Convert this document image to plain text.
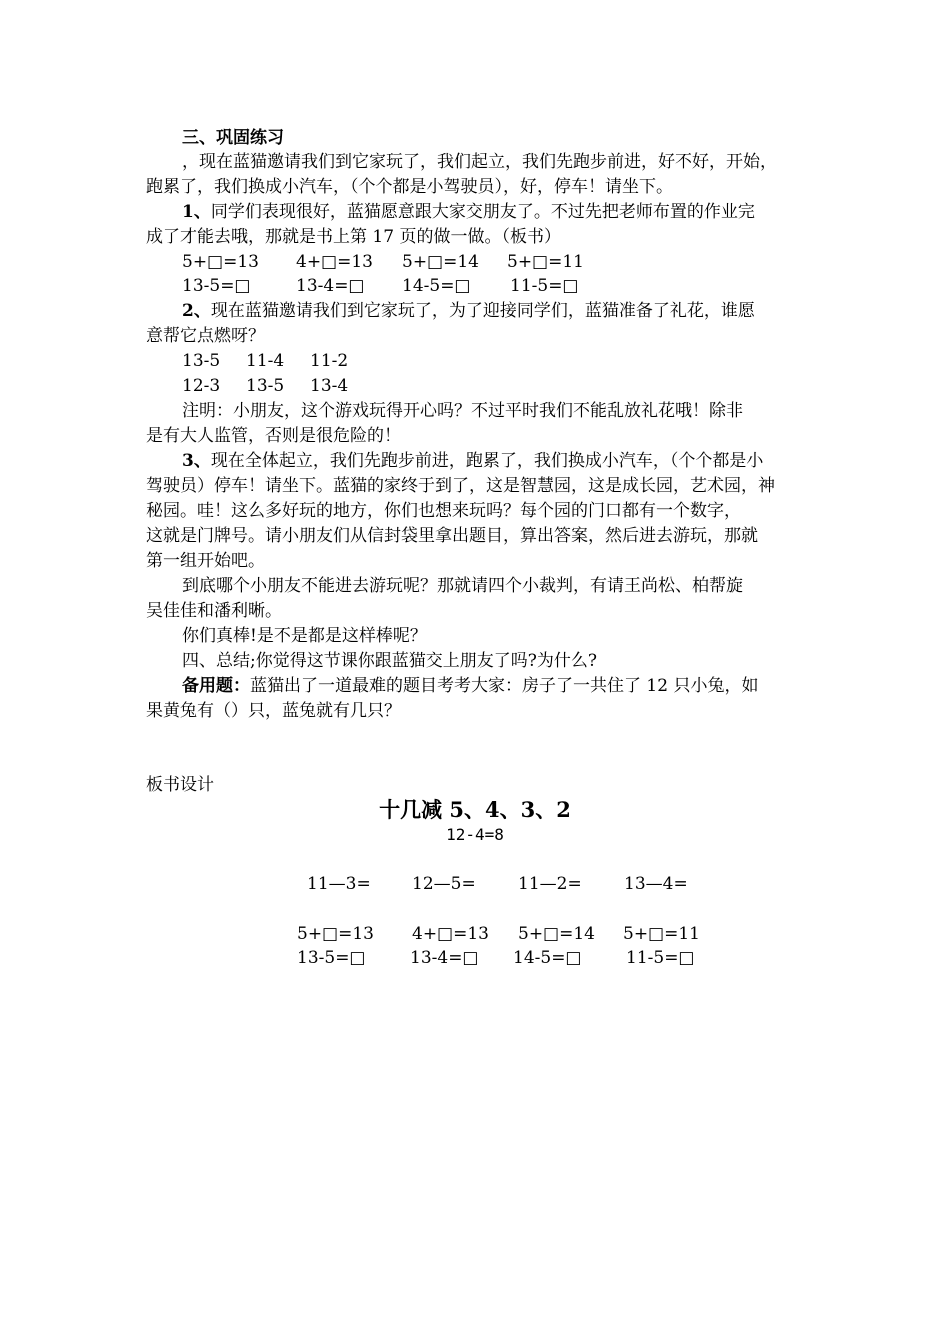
三、巩固练习
，现在蓝猫邀请我们到它家玩了，我们起立，我们先跑步前进，好不好，开始，
跑累了，我们换成小汽车，（个个都是小驾驶员），好，停车！请坐下。
1、同学们表现很好，蓝猫愿意跟大家交朋友了。不过先把老师布置的作业完
成了才能去哦，那就是书上第 17 页的做一做。（板书）
5+□=13 4+□=13 5+□=14 5+□=11
13-5=□	13-4=□ 14-5=□ 11-5=□
2、现在蓝猫邀请我们到它家玩了，为了迎接同学们，蓝猫准备了礼花，谁愿
意帮它点燃呀？
13-5 11-4 11-2
12-3 13-5 13-4
注明：小朋友，这个游戏玩得开心吗？不过平时我们不能乱放礼花哦！除非
是有大人监管，否则是很危险的！
3、现在全体起立，我们先跑步前进，跑累了，我们换成小汽车，（个个都是小
驾驶员）停车！请坐下。蓝猫的家终于到了，这是智慧园，这是成长园，艺术园，神
秘园。哇！这么多好玩的地方，你们也想来玩吗？每个园的门口都有一个数字，
这就是门牌号。请小朋友们从信封袋里拿出题目，算出答案，然后进去游玩，那就
第一组开始吧。
到底哪个小朋友不能进去游玩呢？那就请四个小裁判，有请王尚松、柏帮旋
吴佳佳和潘利晰。
你们真棒!是不是都是这样棒呢？
四、总结;你觉得这节课你跟蓝猫交上朋友了吗?为什么?
备用题：蓝猫出了一道最难的题目考考大家：房子了一共住了 12 只小兔，如
果黄兔有（）只，蓝兔就有几只？
板书设计
十几减 5、4、3、2
12-4=8
11—3= 12—5= 11—2= 13—4=
5+□=13 4+□=13 5+□=14 5+□=11
13-5=□	13-4=□ 14-5=□	11-5=□
